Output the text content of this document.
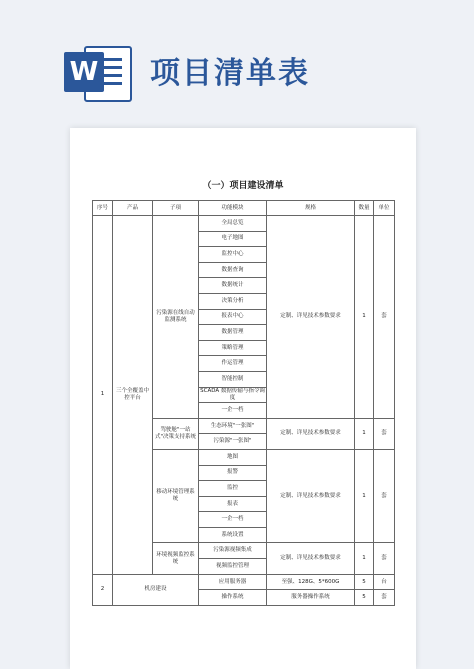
W 项目清单表
（一）项目建设清单
序号	产品	子项	功能模块	规格	数量	单位
1	三个全覆盖中控平台	污染源在线自动监测系统	全局总览	定制、详见技术参数要求	1	套
			电子地图			
			监控中心			
			数据查询			
			数据统计			
			决策分析			
			报表中心			
			数据管理			
			策略管理			
			作运管理			
			智能控制			
			SCADA 数据传输与指令调度			
			一企一档			
		驾驶舱"一站式"决策支持系统	生态环境"一张图"	定制、详见技术参数要求	1	套
			污染源"一张图"			
		移动环境管理系统	地图	定制、详见技术参数要求	1	套
			报警			
			监控			
			报表			
			一企一档			
			系统设置			
		环境视频监控系统	污染源视频集成	定制、详见技术参数要求	1	套
			视频监控管理			
2	机房建设		应用服务器	至强、128G、5*600G	5	台
			操作系统	服务器操作系统	5	套
